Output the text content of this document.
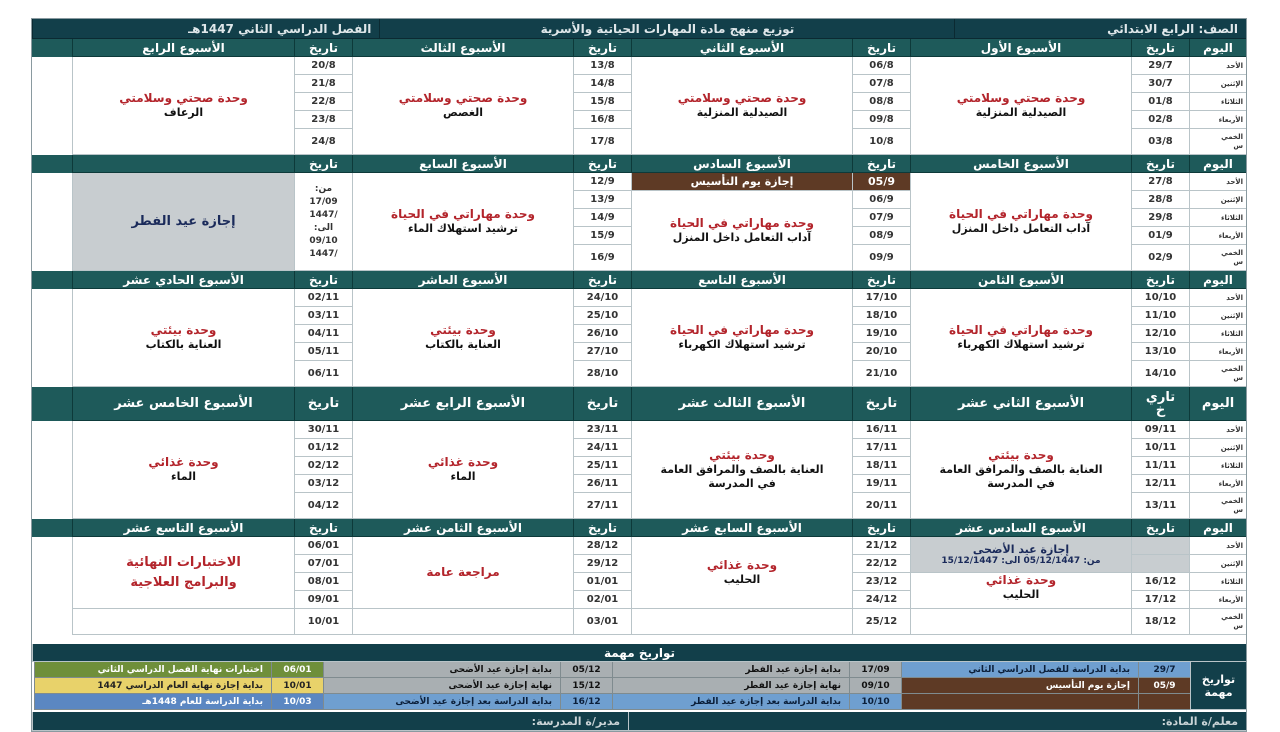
الصف: الرابع الابتدائي
توزيع منهج مادة المهارات الحياتية والأسرية
الفصل الدراسي الثاني 1447هـ
اليوم
تاريخ
الأسبوع الأول
تاريخ
الأسبوع الثاني
تاريخ
الأسبوع الثالث
تاريخ
الأسبوع الرابع
الأحد
الإثنين
الثلاثاء
الأربعاء
الخمي
س
29/7
30/7
01/8
02/8
03/8
وحدة صحتي وسلامتي
الصيدلية المنزلية
06/8
07/8
08/8
09/8
10/8
وحدة صحتي وسلامتي
الصيدلية المنزلية
13/8
14/8
15/8
16/8
17/8
وحدة صحتي وسلامتي
الغصص
20/8
21/8
22/8
23/8
24/8
وحدة صحتي وسلامتي
الرعاف
اليوم
تاريخ
الأسبوع الخامس
تاريخ
الأسبوع السادس
تاريخ
الأسبوع السابع
تاريخ
الأحد
الإثنين
الثلاثاء
الأربعاء
الخمي
س
27/8
28/8
29/8
01/9
02/9
وحدة مهاراتي في الحياة
آداب التعامل داخل المنزل
05/9
06/9
07/9
08/9
09/9
إجازة يوم التأسيس
وحدة مهاراتي في الحياة
آداب التعامل داخل المنزل
12/9
13/9
14/9
15/9
16/9
وحدة مهاراتي في الحياة
ترشيد استهلاك الماء
من:
17/09
/1447
الى:
09/10
/1447
إجازة عيد الفطر
اليوم
تاريخ
الأسبوع الثامن
تاريخ
الأسبوع التاسع
تاريخ
الأسبوع العاشر
تاريخ
الأسبوع الحادي عشر
الأحد
الإثنين
الثلاثاء
الأربعاء
الخمي
س
10/10
11/10
12/10
13/10
14/10
وحدة مهاراتي في الحياة
ترشيد استهلاك الكهرباء
17/10
18/10
19/10
20/10
21/10
وحدة مهاراتي في الحياة
ترشيد استهلاك الكهرباء
24/10
25/10
26/10
27/10
28/10
وحدة بيئتي
العناية بالكتاب
02/11
03/11
04/11
05/11
06/11
وحدة بيئتي
العناية بالكتاب
اليوم
تاري
خ
الأسبوع الثاني عشر
تاريخ
الأسبوع الثالث عشر
تاريخ
الأسبوع الرابع عشر
تاريخ
الأسبوع الخامس عشر
الأحد
الإثنين
الثلاثاء
الأربعاء
الخمي
س
09/11
10/11
11/11
12/11
13/11
وحدة بيئتي
العناية بالصف والمرافق العامة
في المدرسة
16/11
17/11
18/11
19/11
20/11
وحدة بيئتي
العناية بالصف والمرافق العامة
في المدرسة
23/11
24/11
25/11
26/11
27/11
وحدة غذائي
الماء
30/11
01/12
02/12
03/12
04/12
وحدة غذائي
الماء
اليوم
تاريخ
الأسبوع السادس عشر
تاريخ
الأسبوع السابع عشر
تاريخ
الأسبوع الثامن عشر
تاريخ
الأسبوع التاسع عشر
الأحد
الإثنين
الثلاثاء
الأربعاء
الخمي
س
16/12
17/12
18/12
إجازة عيد الأضحى
من: 05/12/1447 الى: 15/12/1447
وحدة غذائي
الحليب
21/12
22/12
23/12
24/12
25/12
وحدة غذائي
الحليب
28/12
29/12
01/01
02/01
03/01
مراجعة عامة
06/01
07/01
08/01
09/01
10/01
الاختبارات النهائية
والبرامج العلاجية
تواريخ مهمة
تواريخ مهمة
29/7
بداية الدراسة للفصل الدراسي الثاني
17/09
بداية إجازة عيد الفطر
05/12
بداية إجازة عيد الأضحى
06/01
اختبارات نهاية الفصل الدراسي الثاني
05/9
إجازة يوم التأسيس
09/10
نهاية إجازة عيد الفطر
15/12
نهاية إجازة عيد الأضحى
10/01
بداية إجازة نهاية العام الدراسي 1447
10/10
بداية الدراسة بعد إجازة عيد الفطر
16/12
بداية الدراسة بعد إجازة عيد الأضحى
10/03
بداية الدراسة للعام 1448هـ
معلم/ة المادة:
مدير/ة المدرسة:
